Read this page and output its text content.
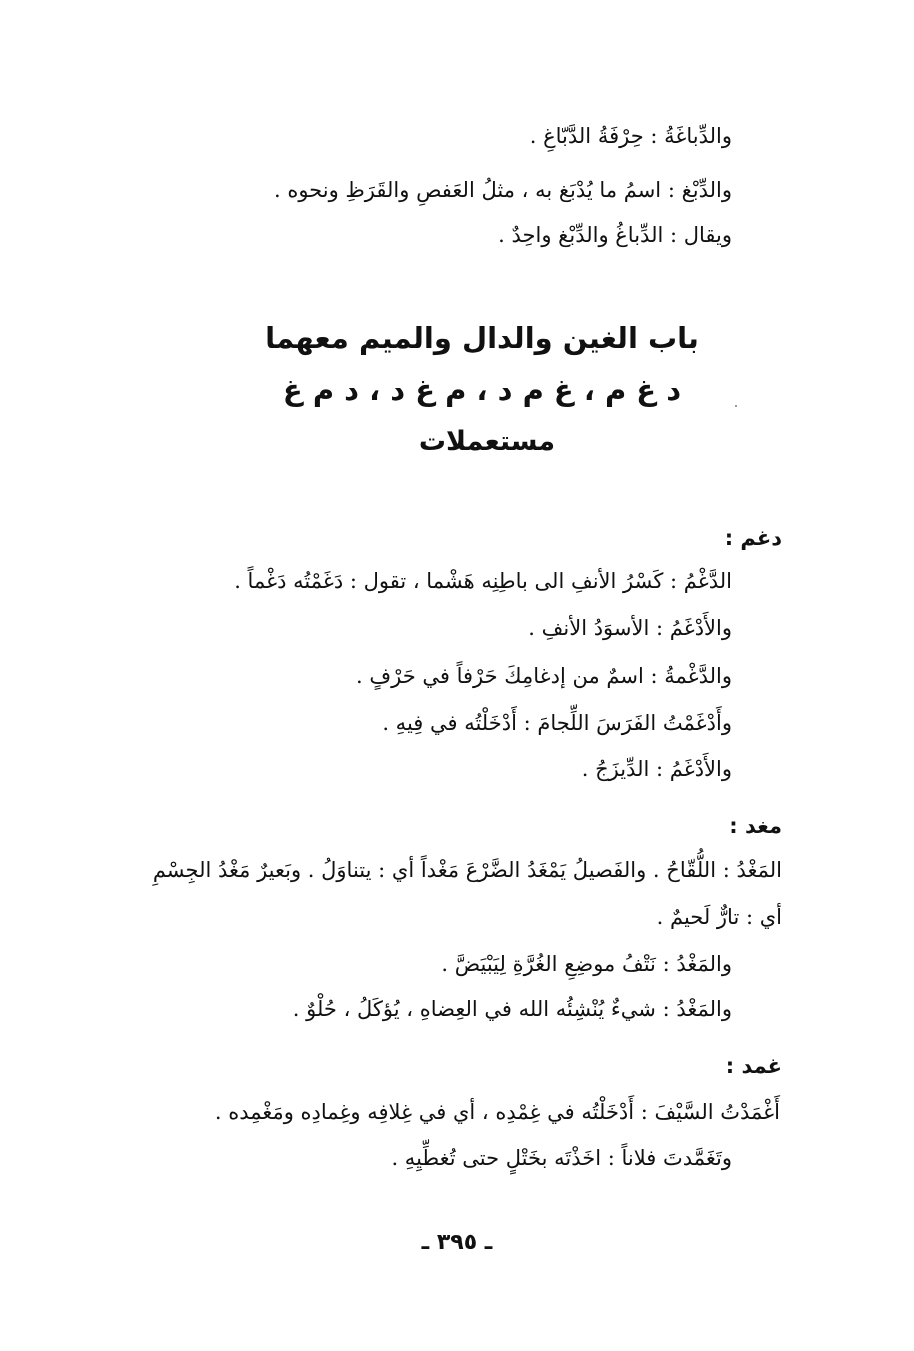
والدِّباغَةُ : حِرْفَةُ الدَّبّاغِ .
والدِّبْغ : اسمُ ما يُدْبَغ به ، مثلُ العَفصِ والقَرَظِ ونحوه .
ويقال : الدِّباغُ والدِّبْغ واحِدٌ .
باب الغين والدال والميم معهما
د غ م ، غ م د ، م غ د ، د م غ
مستعملات
دغم :
الدَّغْمُ : كَسْرُ الأنفِ الى باطِنِه هَشْما ، تقول : دَغَمْتُه دَغْماً .
والأَدْغَمُ : الأسوَدُ الأنفِ .
والدَّغْمةُ : اسمٌ من إدغامِكَ حَرْفاً في حَرْفٍ .
وأَدْغَمْتُ الفَرَسَ اللِّجامَ : أَدْخَلْتُه في فِيهِ .
والأَدْغَمُ : الدِّيزَجُ .
مغد :
المَغْدُ : اللُّقّاحُ . والفَصيلُ يَمْغَدُ الضَّرْعَ مَغْداً أي : يتناوَلُ . وبَعيرٌ مَغْدُ الجِسْمِ
أي : تارٌّ لَحيمٌ .
والمَغْدُ : نَتْفُ موضِعِ الغُرَّةِ لِيَبْيَضَّ .
والمَغْدُ : شيءٌ يُنْشِئُه الله في العِضاهِ ، يُؤكَلُ ، حُلْوٌ .
غمد :
أَغْمَدْتُ السَّيْفَ : أَدْخَلْتُه في غِمْدِه ، أي في غِلافِه وغِمادِه ومَغْمِده .
وتَغَمَّدتَ فلاناً : اخَذْتَه بخَتْلٍ حتى تُغطِّيِهِ .
ـ ٣٩٥ ـ
